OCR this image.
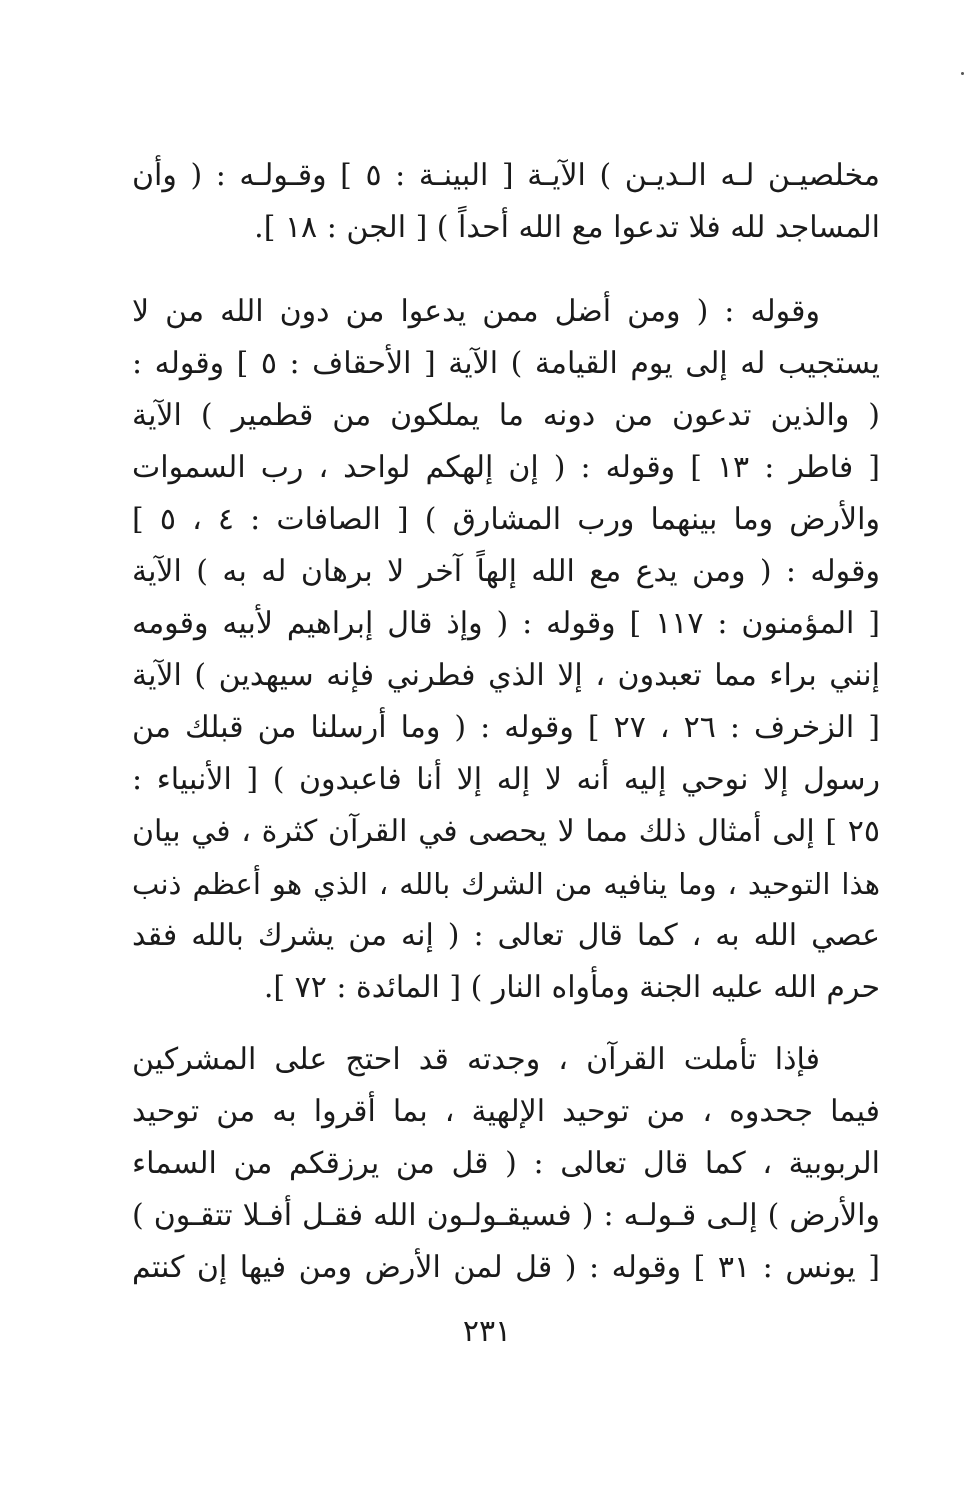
مخلصيـن لـه الـديـن ) الآيـة [ البينـة : ٥ ] وقـولـه : ( وأن
المساجد لله فلا تدعوا مع الله أحداً ) [ الجن : ١٨ ].
وقوله : ( ومن أضل ممن يدعوا من دون الله من لا
يستجيب له إلى يوم القيامة ) الآية [ الأحقاف : ٥ ] وقوله :
( والذين تدعون من دونه ما يملكون من قطمير ) الآية
[ فاطر : ١٣ ] وقوله : ( إن إلهكم لواحد ، رب السموات
والأرض وما بينهما ورب المشارق ) [ الصافات : ٤ ، ٥ ]
وقوله : ( ومن يدع مع الله إلهاً آخر لا برهان له به ) الآية
[ المؤمنون : ١١٧ ] وقوله : ( وإذ قال إبراهيم لأبيه وقومه
إنني براء مما تعبدون ، إلا الذي فطرني فإنه سيهدين ) الآية
[ الزخرف : ٢٦ ، ٢٧ ] وقوله : ( وما أرسلنا من قبلك من
رسول إلا نوحي إليه أنه لا إله إلا أنا فاعبدون ) [ الأنبياء :
٢٥ ] إلى أمثال ذلك مما لا يحصى في القرآن كثرة ، في بيان
هذا التوحيد ، وما ينافيه من الشرك بالله ، الذي هو أعظم ذنب
عصي الله به ، كما قال تعالى : ( إنه من يشرك بالله فقد
حرم الله عليه الجنة ومأواه النار ) [ المائدة : ٧٢ ].
فإذا تأملت القرآن ، وجدته قد احتج على المشركين
فيما جحدوه ، من توحيد الإلهية ، بما أقروا به من توحيد
الربوبية ، كما قال تعالى : ( قل من يرزقكم من السماء
والأرض ) إلـى قـولـه : ( فسيقـولـون الله فقـل أفـلا تتقـون )
[ يونس : ٣١ ] وقوله : ( قل لمن الأرض ومن فيها إن كنتم
٢٣١
